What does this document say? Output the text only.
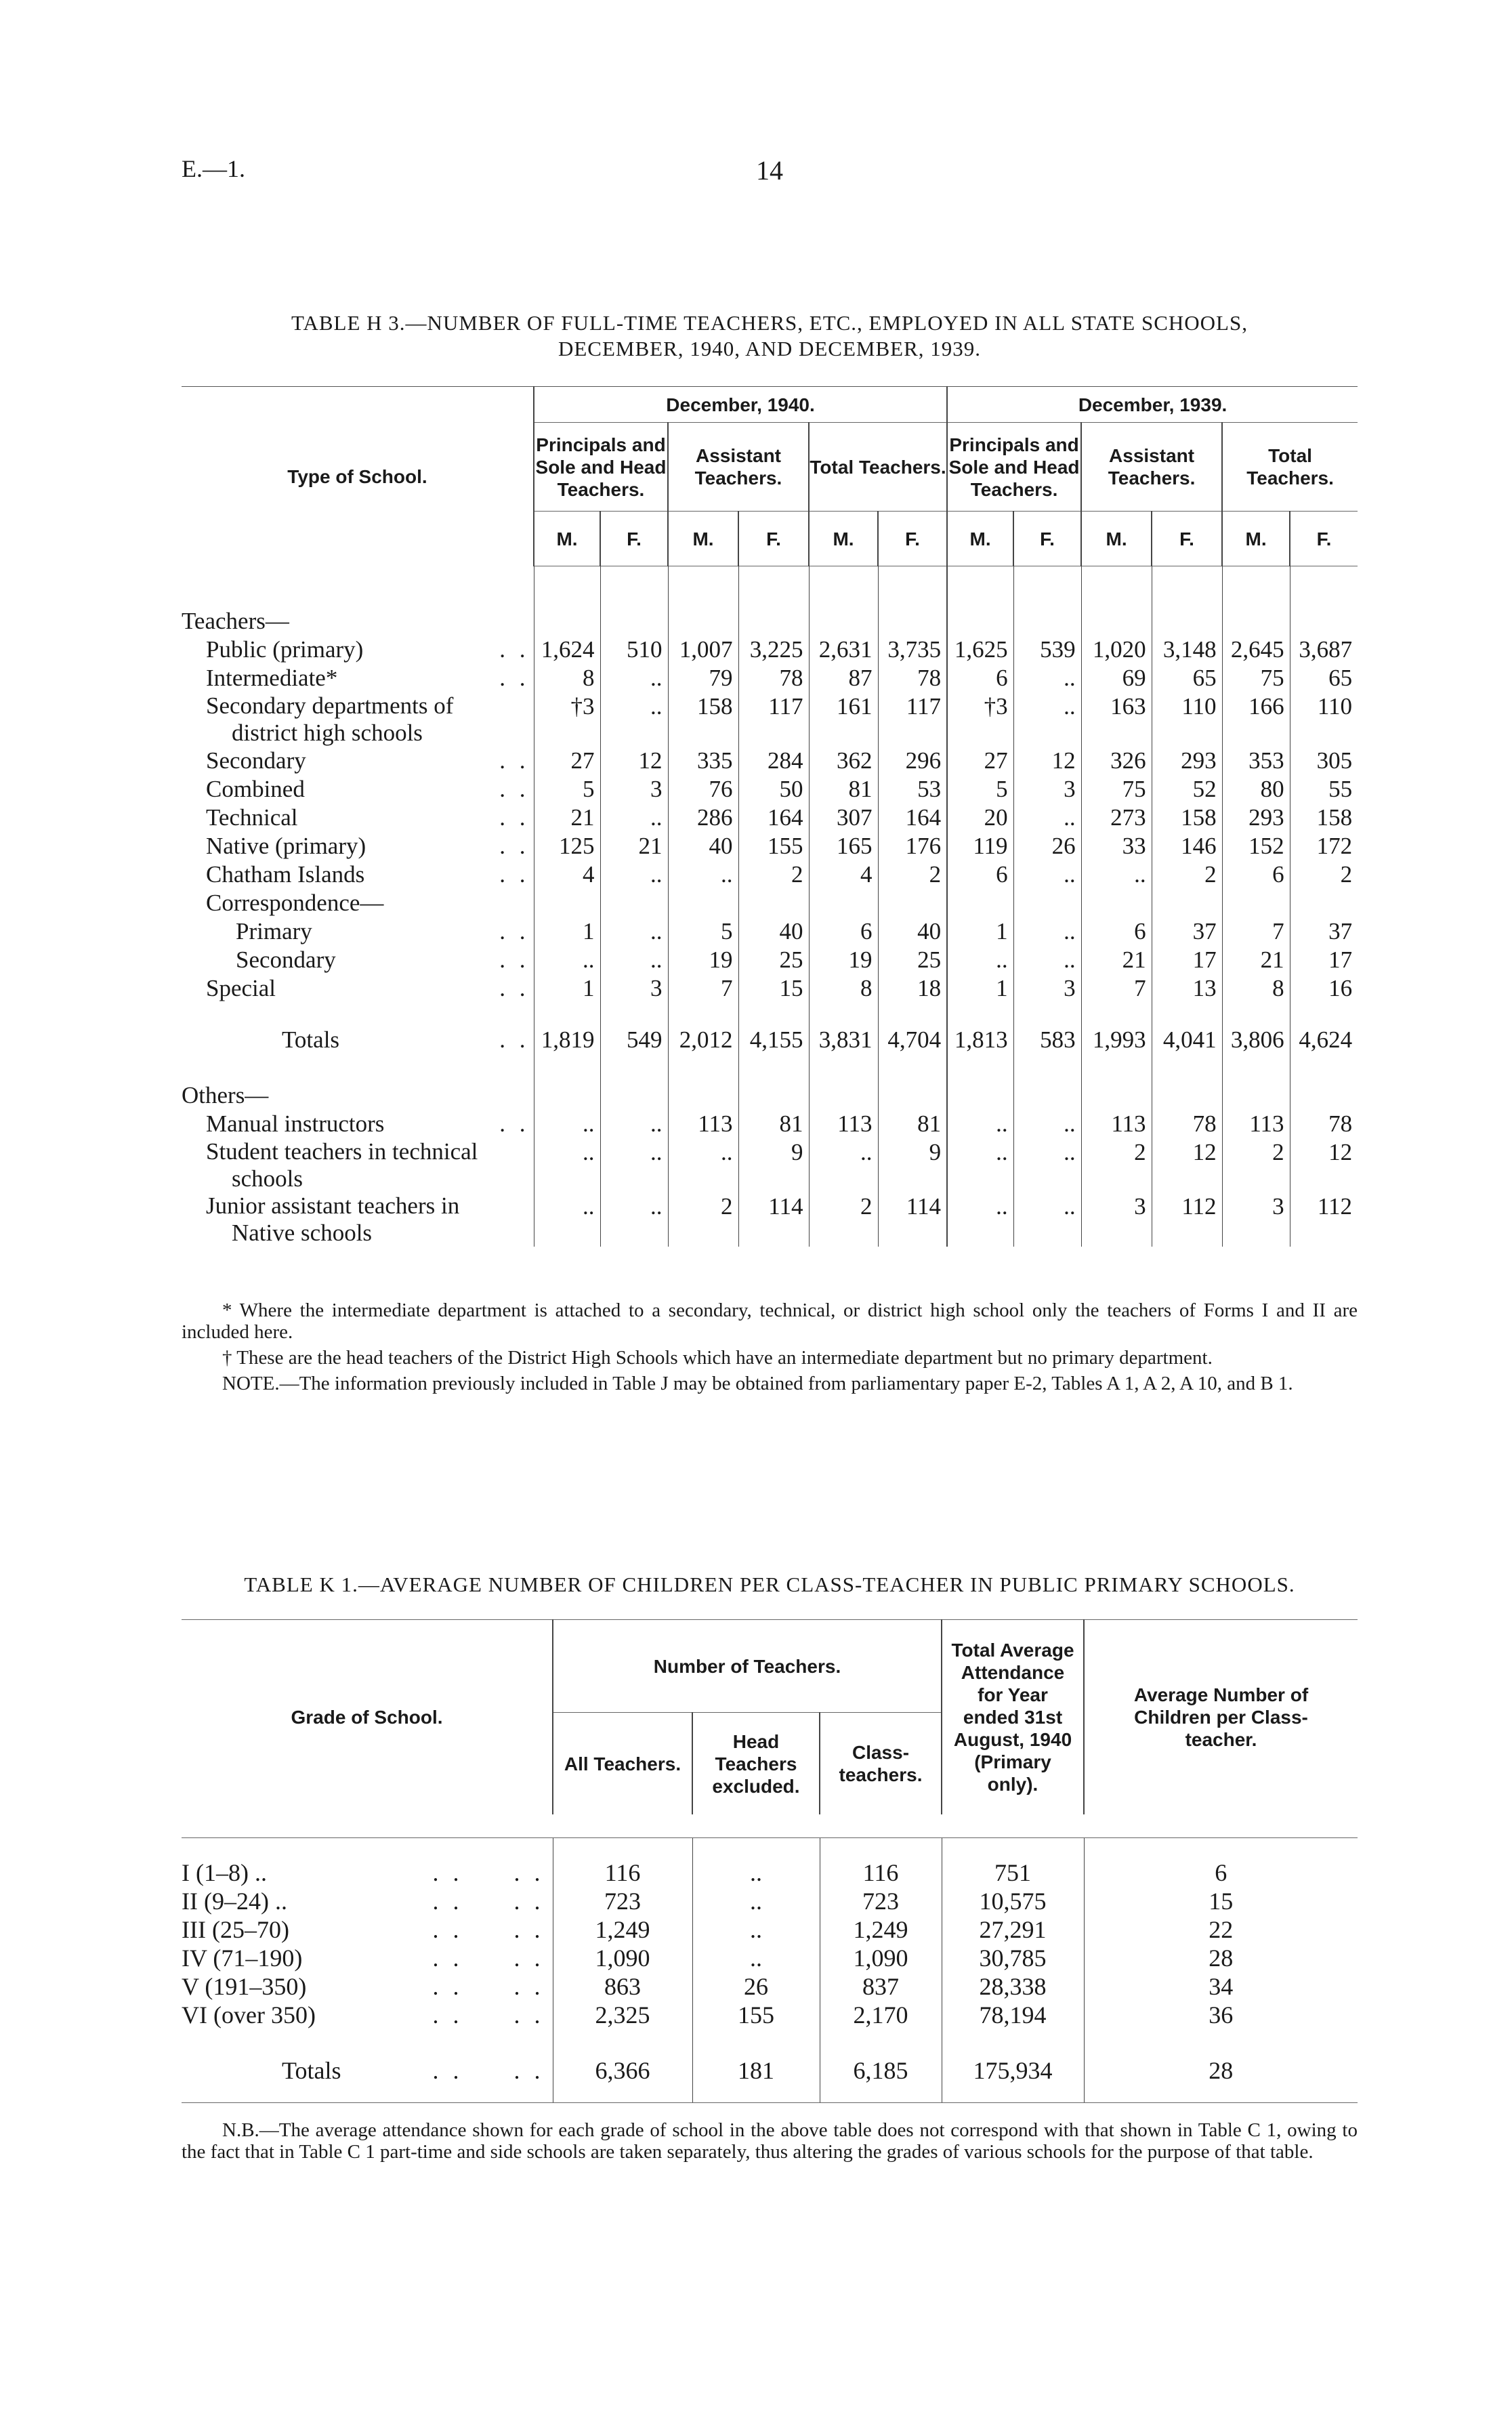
E.—1.	14
TABLE H 3.—NUMBER OF FULL-TIME TEACHERS, ETC., EMPLOYED IN ALL STATE SCHOOLS,
DECEMBER, 1940, AND DECEMBER, 1939.
Type of School.	December, 1940.						December, 1939.					
	Principals and Sole and Head Teachers.		Assistant Teachers.		Total Teachers.		Principals and Sole and Head Teachers.		Assistant Teachers.		Total Teachers.	
	M.	F.	M.	F.	M.	F.	M.	F.	M.	F.	M.	F.

Teachers—												
Public (primary) . .	1,624	510	1,007	3,225	2,631	3,735	1,625	539	1,020	3,148	2,645	3,687
Intermediate* . .	8	..	79	78	87	78	6	..	69	65	75	65
Secondary departments of
district high schools	†3	..	158	117	161	117	†3	..	163	110	166	110
Secondary . .	27	12	335	284	362	296	27	12	326	293	353	305
Combined . .	5	3	76	50	81	53	5	3	75	52	80	55
Technical . .	21	..	286	164	307	164	20	..	273	158	293	158
Native (primary) . .	125	21	40	155	165	176	119	26	33	146	152	172
Chatham Islands . .	4	..	..	2	4	2	6	..	..	2	6	2
Correspondence—												
Primary . .	1	..	5	40	6	40	1	..	6	37	7	37
Secondary . .	..	..	19	25	19	25	..	..	21	17	21	17
Special . .	1	3	7	15	8	18	1	3	7	13	8	16

Totals . .	1,819	549	2,012	4,155	3,831	4,704	1,813	583	1,993	4,041	3,806	4,624

Others—												
Manual instructors . .	..	..	113	81	113	81	..	..	113	78	113	78
Student teachers in technical
schools	..	..	..	9	..	9	..	..	2	12	2	12
Junior assistant teachers in
Native schools	..	..	2	114	2	114	..	..	3	112	3	112

* Where the intermediate department is attached to a secondary, technical, or district high school only the teachers of Forms I and II are included here.

† These are the head teachers of the District High Schools which have an intermediate department but no primary department.

NOTE.—The information previously included in Table J may be obtained from parliamentary paper E-2, Tables A 1, A 2, A 10, and B 1.

TABLE K 1.—AVERAGE NUMBER OF CHILDREN PER CLASS-TEACHER IN PUBLIC PRIMARY SCHOOLS.
Grade of School.	Number of Teachers.			Total Average Attendance for Year ended 31st August, 1940 (Primary only).	Average Number of Children per Class-teacher.
	All Teachers.	Head Teachers excluded.	Class-teachers.		

I (1–8) .. . .     . .	116	..	116	751	6
II (9–24) .. . .     . .	723	..	723	10,575	15
III (25–70) . .     . .	1,249	..	1,249	27,291	22
IV (71–190) . .     . .	1,090	..	1,090	30,785	28
V (191–350) . .     . .	863	26	837	28,338	34
VI (over 350) . .     . .	2,325	155	2,170	78,194	36

Totals . .     . .	6,366	181	6,185	175,934	28

N.B.—The average attendance shown for each grade of school in the above table does not correspond with that shown in Table C 1, owing to the fact that in Table C 1 part-time and side schools are taken separately, thus altering the grades of various schools for the purpose of that table.
